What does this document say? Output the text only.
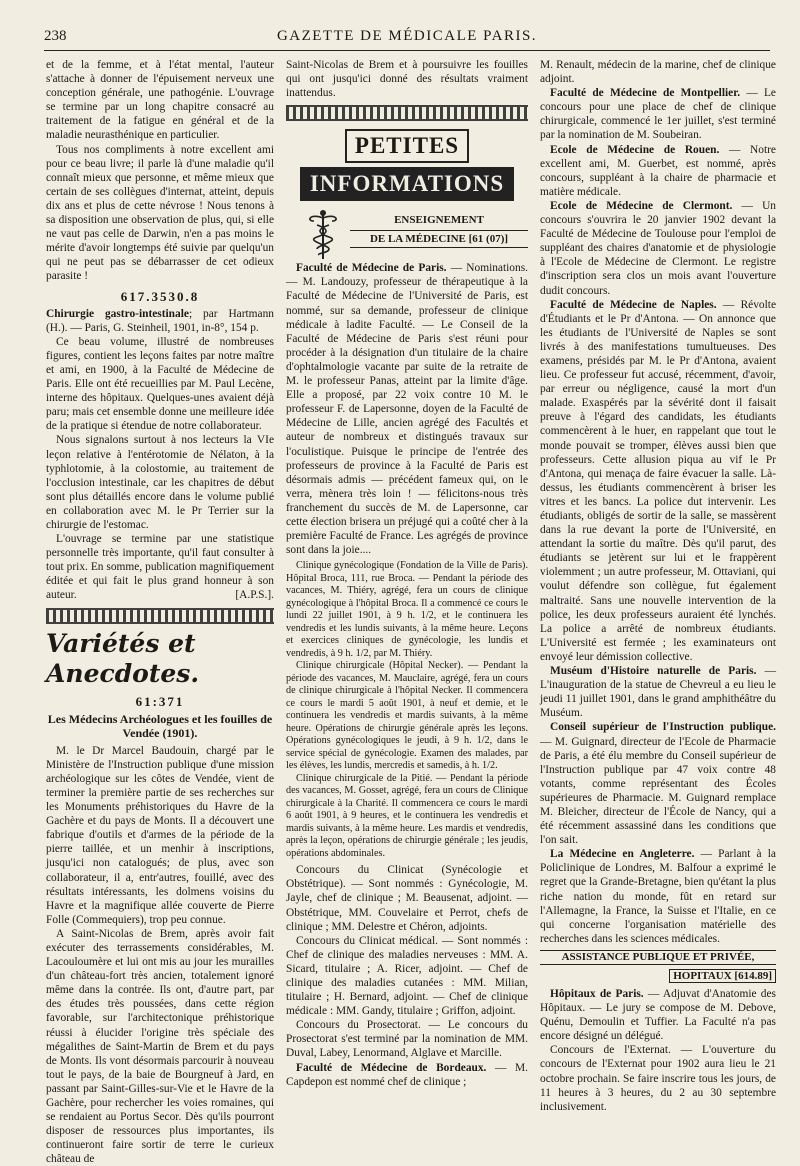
238	GAZETTE DE MÉDICALE PARIS.

et de la femme, et à l'état mental, l'auteur s'attache à donner de l'épuisement nerveux une conception générale, une pathogénie. L'ouvrage se termine par un long chapitre consacré au traitement de la fatigue en général et de la maladie neurasthénique en particulier.

Tous nos compliments à notre excellent ami pour ce beau livre; il parle là d'une maladie qu'il connaît mieux que personne, et même mieux que certain de ses collègues d'internat, atteint, depuis dix ans et plus de cette névrose ! Nous tenons à sa disposition une observation de plus, qui, si elle ne vaut pas celle de Darwin, n'en a pas moins le mérite d'avoir longtemps été suivie par quelqu'un qui ne peut pas se débarrasser de cet odieux parasite !

617.3530.8

Chirurgie gastro-intestinale; par Hartmann (H.). — Paris, G. Steinheil, 1901, in-8°, 154 p.

Ce beau volume, illustré de nombreuses figures, contient les leçons faites par notre maître et ami, en 1900, à la Faculté de Médecine de Paris. Elle ont été recueillies par M. Paul Lecène, interne des hôpitaux. Quelques-unes avaient déjà paru; mais cet ensemble donne une meilleure idée de la pratique si étendue de notre collaborateur.

Nous signalons surtout à nos lecteurs la VIe leçon relative à l'entérotomie de Nélaton, à la typhlotomie, à la colostomie, au traitement de l'occlusion intestinale, car les chapitres de début sont plus détaillés encore dans le volume publié en collaboration avec M. le Pr Terrier sur la chirurgie de l'estomac.

L'ouvrage se termine par une statistique personnelle très importante, qu'il faut consulter à tout prix. En somme, publication magnifiquement éditée et qui fait le plus grand honneur à son auteur.	[A.P.S.].

Variétés et Anecdotes.
61:371
Les Médecins Archéologues et les fouilles de Vendée (1901).

M. le Dr Marcel Baudouin, chargé par le Ministère de l'Instruction publique d'une mission archéologique sur les côtes de Vendée, vient de terminer la première partie de ses recherches sur les Monuments préhistoriques du Havre de la Gachère et du pays de Monts. Il a découvert une fabrique d'outils et d'armes de la période de la pierre taillée, et un menhir à inscriptions, jusqu'ici non catalogués; de plus, avec son collaborateur, il a, entr'autres, fouillé, avec des résultats intéressants, les dolmens voisins du Havre et la magnifique allée couverte de Pierre Folle (Commequiers), trop peu connue.

A Saint-Nicolas de Brem, après avoir fait exécuter des terrassements considérables, M. Lacouloumère et lui ont mis au jour les murailles d'un château-fort très ancien, totalement ignoré même dans la contrée. Ils ont, d'autre part, par des études très poussées, dans cette région favorable, sur l'architectonique préhistorique réussi à élucider l'origine très spéciale des mégalithes de Saint-Martin de Brem et du pays de Monts. Ils vont désormais parcourir à nouveau tout le pays, de la baie de Bourgneuf à Jard, en passant par Saint-Gilles-sur-Vie et le Havre de la Gachère, pour rechercher les voies romaines, qui se rendaient au Portus Secor. Dès qu'ils pourront disposer de ressources plus importantes, ils continueront faire sortir de terre le curieux château de

Saint-Nicolas de Brem et à poursuivre les fouilles qui ont jusqu'ici donné des résultats vraiment inattendus.

PETITES
INFORMATIONS
ENSEIGNEMENT
DE LA MÉDECINE [61 (07)]

Faculté de Médecine de Paris. — Nominations. — M. Landouzy, professeur de thérapeutique à la Faculté de Médecine de l'Université de Paris, est nommé, sur sa demande, professeur de clinique médicale à ladite Faculté. — Le Conseil de la Faculté de Médecine de Paris s'est réuni pour procéder à la désignation d'un titulaire de la chaire d'ophtalmologie vacante par suite de la retraite de M. le professeur Panas, atteint par la limite d'âge. Elle a proposé, par 22 voix contre 10 M. le professeur F. de Lapersonne, doyen de la Faculté de Médecine de Lille, ancien agrégé des Facultés et auteur de nombreux et distingués travaux sur l'oculistique. Puisque le principe de l'entrée des professeurs de province à la Faculté de Paris est désormais admis — précédent fameux qui, on le verra, mènera très loin ! — félicitons-nous très franchement du succès de M. de Lapersonne, car cette élection brisera un préjugé qui a coûté cher à la première Faculté de France. Les agrégés de province sont dans la joie....

Clinique gynécologique (Fondation de la Ville de Paris). Hôpital Broca, 111, rue Broca. — Pendant la période des vacances, M. Thiéry, agrégé, fera un cours de clinique gynécologique à l'hôpital Broca. Il a commencé ce cours le lundi 22 juillet 1901, à 9 h. 1/2, et le continuera les vendredis et les lundis suivants, à la même heure. Leçons et exercices cliniques de gynécologie, les lundis et vendredis, à 9 h. 1/2, par M. Thiéry.

Clinique chirurgicale (Hôpital Necker). — Pendant la période des vacances, M. Mauclaire, agrégé, fera un cours de clinique chirurgicale à l'hôpital Necker. Il commencera ce cours le mardi 5 août 1901, à neuf et demie, et le continuera les vendredis et mardis suivants, à la même heure. Opérations de chirurgie générale après les leçons. Opérations gynécologiques le jeudi, à 9 h. 1/2, dans le service spécial de gynécologie. Examen des malades, par les élèves, les lundis, mercredis et samedis, à h. 1/2.

Clinique chirurgicale de la Pitié. — Pendant la période des vacances, M. Gosset, agrégé, fera un cours de Clinique chirurgicale à la Charité. Il commencera ce cours le mardi 6 août 1901, à 9 heures, et le continuera les vendredis et mardis suivants, à la même heure. Les mardis et vendredis, après la leçon, opérations de chirurgie générale ; les jeudis, opérations abdominales.

Concours du Clinicat (Synécologie et Obstétrique). — Sont nommés : Gynécologie, M. Jayle, chef de clinique ; M. Beausenat, adjoint. — Obstétrique, MM. Couvelaire et Perrot, chefs de clinique ; MM. Delestre et Chéron, adjoints.

Concours du Clinicat médical. — Sont nommés : Chef de clinique des maladies nerveuses : MM. A. Sicard, titulaire ; A. Ricer, adjoint. — Chef de clinique des maladies cutanées : MM. Milian, titulaire ; H. Bernard, adjoint. — Chef de clinique médicale : MM. Gandy, titulaire ; Griffon, adjoint.

Concours du Prosectorat. — Le concours du Prosectorat s'est terminé par la nomination de MM. Duval, Labey, Lenormand, Alglave et Marcille.

Faculté de Médecine de Bordeaux. — M. Capdepon est nommé chef de clinique ;

M. Renault, médecin de la marine, chef de clinique adjoint.

Faculté de Médecine de Montpellier. — Le concours pour une place de chef de clinique chirurgicale, commencé le 1er juillet, s'est terminé par la nomination de M. Soubeiran.

Ecole de Médecine de Rouen. — Notre excellent ami, M. Guerbet, est nommé, après concours, suppléant à la chaire de pharmacie et matière médicale.

Ecole de Médecine de Clermont. — Un concours s'ouvrira le 20 janvier 1902 devant la Faculté de Médecine de Toulouse pour l'emploi de suppléant des chaires d'anatomie et de physiologie à l'Ecole de Médecine de Clermont. Le registre d'inscription sera clos un mois avant l'ouverture dudit concours.

Faculté de Médecine de Naples. — Révolte d'Étudiants et le Pr d'Antona. — On annonce que les étudiants de l'Université de Naples se sont livrés à des manifestations tumultueuses. Des examens, présidés par M. le Pr d'Antona, avaient lieu. Ce professeur fut accusé, récemment, d'avoir, par erreur ou négligence, causé la mort d'un malade. Exaspérés par la sévérité dont il faisait preuve à l'égard des candidats, les étudiants commencèrent à le huer, en rappelant que tout le monde pouvait se tromper, élèves aussi bien que professeurs. Cette allusion piqua au vif le Pr d'Antona, qui menaça de faire évacuer la salle. Là-dessus, les étudiants commencèrent à briser les vitres et les bancs. La police dut intervenir. Les étudiants, obligés de sortir de la salle, se massèrent dans la rue devant la porte de l'Université, en attendant la sortie du maître. Dès qu'il parut, des étudiants se jetèrent sur lui et le frappèrent violemment ; un autre professeur, M. Ottaviani, qui voulut défendre son collègue, fut également maltraité. Sans une nouvelle intervention de la police, les deux professeurs auraient été lynchés. La police a arrêté de nombreux étudiants. L'Université est fermée ; les examinateurs ont envoyé leur démission collective.

Muséum d'Histoire naturelle de Paris. — L'inauguration de la statue de Chevreul a eu lieu le jeudi 11 juillet 1901, dans le grand amphithéâtre du Muséum.

Conseil supérieur de l'Instruction publique. — M. Guignard, directeur de l'Ecole de Pharmacie de Paris, a été élu membre du Conseil supérieur de l'Instruction publique par 47 voix contre 48 votants, comme représentant des Écoles supérieures de Pharmacie. M. Guignard remplace M. Bleicher, directeur de l'École de Nancy, qui a été récemment assassiné dans les conditions que l'on sait.

La Médecine en Angleterre. — Parlant à la Policlinique de Londres, M. Balfour a exprimé le regret que la Grande-Bretagne, bien qu'étant la plus riche nation du monde, fût en retard sur l'Allemagne, la France, la Suisse et l'Italie, en ce qui concerne l'organisation matérielle des recherches dans les sciences médicales.

ASSISTANCE PUBLIQUE ET PRIVÉE,
HOPITAUX [614.89]

Hôpitaux de Paris. — Adjuvat d'Anatomie des Hôpitaux. — Le jury se compose de M. Debove, Quénu, Demoulin et Tuffier. La Faculté n'a pas encore désigné un délégué.

Concours de l'Externat. — L'ouverture du concours de l'Externat pour 1902 aura lieu le 21 octobre prochain. Se faire inscrire tous les jours, de 11 heures à 3 heures, du 2 au 30 septembre inclusivement.
